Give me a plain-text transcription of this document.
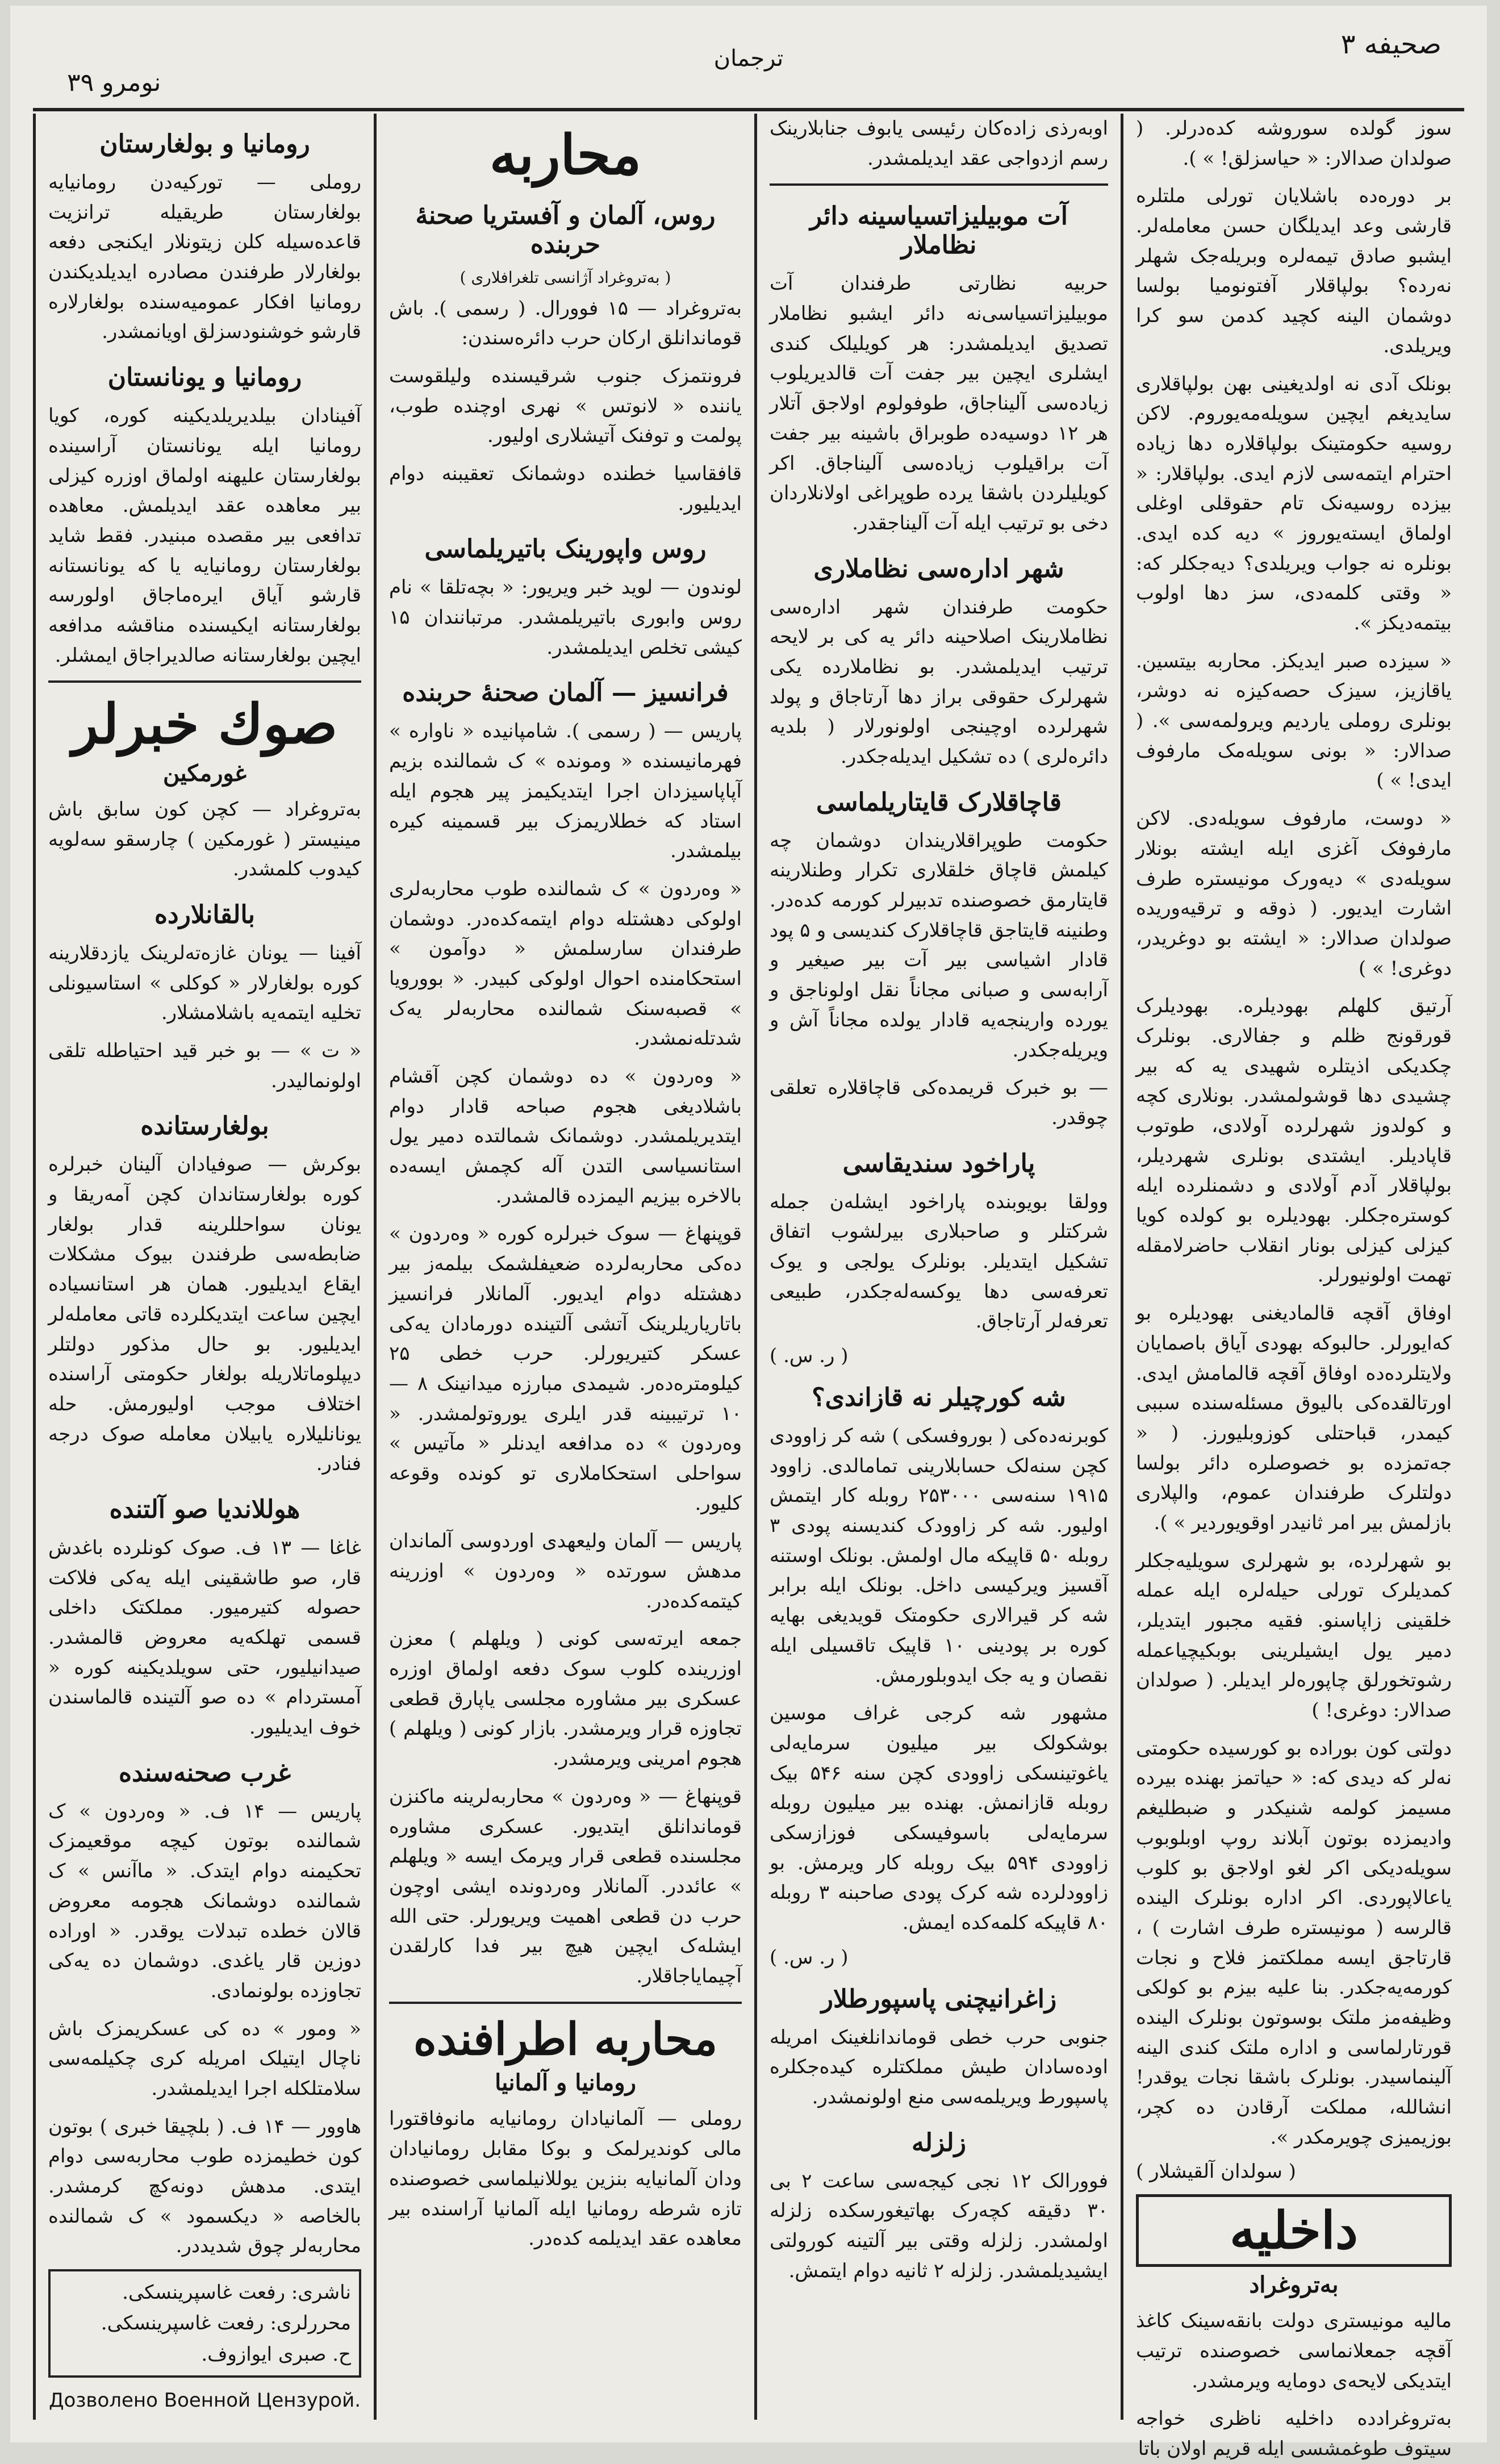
صحیفه ۳
ترجمان
نومرو ۳۹

سوز گولده سوروشه کده‌درلر. ( صولدان صدالار: « حیاسزلق! » ).

بر دوره‌ده باشلایان تورلی ملتلره قارشی وعد ایدیلگان حسن معامله‌لر. ایشبو صادق تیمه‌لره وبریله‌جک شهلر نه‌رده؟ بولپاقلار آفتونومیا بولسا دوشمان الینه کچید کدمن سو کرا ویریلدی.

بونلک آدی نه اولدیغینی بهن بولپاقلاری سایدیغم ایچین سویله‌مه‌یوروم. لاکن روسیه حکومتینک بولپاقلاره دها زیاده احترام ایتمه‌سی لازم ایدی. بولپاقلار: « بیزده روسیه‌نک تام حقوقلی اوغلی اولماق ایسته‌یوروز » دیه کده ایدی. بونلره نه جواب ویریلدی؟ دیه‌جکلر که: « وقتی کلمه‌دی، سز دها اولوب بیتمه‌دیکز ».

« سیزده صبر ایدیکز. محاربه بیتسین. یاقازیز، سیزک حصه‌کیزه نه دوشر، بونلری روملی یاردیم ویرولمه‌سی ». ( صدالار: « بونی سویله‌مک مارفوف ایدی! » )

« دوست، مارفوف سویله‌دی. لاکن مارفوفک آغزی ایله ایشته بونلار سویله‌دی » دیه‌ورک مونیستره طرف اشارت ایدیور. ( ذوقه و ترقیه‌وریده صولدان صدالار: « ایشته بو دوغریدر، دوغری! » )

آرتیق کلهلم بهودیلره. بهودیلرک قورقونج ظلم و جفالاری. بونلرک چکدیکی اذیتلره شهیدی یه که بیر چشیدی دها قوشولمشدر. بونلاری کچه و کولدوز شهرلرده آولادی، طوتوب قاپادیلر. ایشتدی بونلری شهردیلر، بولپاقلار آدم آولادی و دشمنلرده ایله کوستره‌جکلر. بهودیلره بو کولده کویا کیزلی کیزلی بونار انقلاب حاضرلامقله تهمت اولونیورلر.

اوفاق آقچه قالمادیغنی بهودیلره بو که‌ایورلر. حالبوکه بهودی آیاق باصمایان ولایتلرده‌ده اوفاق آقچه قالمامش ایدی. اورتالقده‌کی بالیوق مسئله‌سنده سببی کیمدر، قباحتلی کوزوبلیورز. ( « جه‌تمزده بو خصوصلره دائر بولسا دولتلرک طرفندان عموم، والپلاری بازلمش بیر امر ثانیدر اوقویوردیر » ).

بو شهرلرده، بو شهرلری سویلیه‌جکلر کمدیلرک تورلی حیله‌لره ایله عمله خلقینی زاپاسنو. فقیه مجبور ایتدیلر، دمیر یول ایشیلرینی بوبکیچیاعمله رشوتخورلق چاپوره‌لر ایدیلر. ( صولدان صدالار: دوغری! )

دولتی کون بوراده بو کورسیده حکومتی نه‌لر که دیدی که: « حیاتمز بهنده بیرده مسیمز کولمه شنیکدر و ضبطلیغم وادیمزده بوتون آبلاند روپ اوبلوبوب سویله‌دیکی اکر لغو اولاجق بو کلوب یاعالاپوردی. اکر اداره بونلرک الینده قالرسه ( مونیستره طرف اشارت ) ، قارتاجق ایسه مملکتمز فلاح و نجات کورمه‌یه‌جکدر. بنا علیه بیزم بو کولکی وظیفه‌مز ملتک بوسوتون بونلرک الینده قورتارلماسی و اداره ملتک کندی الینه آلینماسیدر. بونلرک باشقا نجات یوقدر! انشالله، مملکت آرقادن ده کچر، بوزیمیزی چویرمکدر ».

( سولدان آلقیشلار )
داخلیه
به‌تروغراد

مالیه مونیستری دولت بانقه‌سینک کاغذ آقچه جمعلانماسی خصوصنده ترتیب ایتدیکی لایحه‌ی دومایه ویرمشدر.

به‌تروغرادده داخلیه ناظری خواجه سیتوف طوغمشسی ایله قریم اولان باتا

اوبه‌رذی زاده‌کان رئیسی یابوف جنابلارینک رسم ازدواجی عقد ایدیلمشدر.

آت موبیلیزاتسیاسینه دائر نظاملار

حربیه نظارتی طرفندان آت موبیلیزاتسیاسی‌نه دائر ایشبو نظاملار تصدیق ایدیلمشدر: هر کویلیلک کندی ایشلری ایچین بیر جفت آت قالدیریلوب زیاده‌سی آلیناجاق، طوفولوم اولاجق آتلار هر ۱۲ دوسیه‌ده طوبراق باشینه بیر جفت آت براقیلوب زیاده‌سی آلیناجاق. اکر کویلیلردن باشقا یرده طوپراغی اولانلاردان دخی بو ترتیب ایله آت آلیناجقدر.

شهر اداره‌سی نظاملاری

حکومت طرفندان شهر اداره‌سی نظاملارینک اصلاحینه دائر یه کی بر لایحه ترتیب ایدیلمشدر. بو نظاملارده یکی شهرلرک حقوقی براز دها آرتاجاق و پولد شهرلرده اوچینجی اولونورلار ( بلدیه دائره‌لری ) ده تشکیل ایدیله‌جکدر.

قاچاقلارک قایتاریلماسی

حکومت طوپراقلاریندان دوشمان چه کیلمش قاچاق خلقلاری تکرار وطنلارینه قایتارمق خصوصنده تدبیرلر کورمه کده‌در. وطنینه قایتاجق قاچاقلارک کندیسی و ۵ پود قادار اشیاسی بیر آت بیر صیغیر و آرابه‌سی و صبانی مجاناً نقل اولوناجق و یورده وارینجه‌یه قادار یولده مجاناً آش و ویریله‌جکدر.

— بو خبرک قریمده‌کی قاچاقلاره تعلقی چوقدر.

پاراخود سندیقاسی

وولقا بویوبنده پاراخود ایشله‌ن جمله شرکتلر و صاحبلاری بیرلشوب اتفاق تشکیل ایتدیلر. بونلرک یولجی و یوک تعرفه‌سی دها یوکسه‌له‌جکدر، طبیعی تعرفه‌لر آرتاجاق.

( ر. س. )
شه کورچیلر نه قازاندی؟

کوبرنه‌ده‌کی ( بوروفسکی ) شه کر زاوودی کچن سنه‌لک حسابلارینی تمامالدی. زاوود ۱۹۱۵ سنه‌سی ۲۵۳۰۰۰ روبله کار ایتمش اولیور. شه کر زاوودک کندیسنه پودی ۳ روبله ۵۰ قاپیکه مال اولمش. بونلک اوستنه آقسیز ویرکیسی داخل. بونلک ایله برابر شه کر قیرالاری حکومتک قویدیغی بهایه کوره بر پودینی ۱۰ قاپیک تاقسیلی ایله نقصان و یه جک اید‌وبلو‌رمش.

مشهور شه کرجی غراف موسین بوشکولک بیر میلیون سرمایه‌لی یاغوتینسکی زاوودی کچن سنه ۵۴۶ بیک روبله قازانمش. بهنده بیر میلیون روبله سرمایه‌لی باسوفیسکی فوزازسکی زاوودی ۵۹۴ بیک روبله کار ویرمش. بو زاوودلرده شه کرک پودی صاحبنه ۳ روبله ۸۰ قاپیکه کلمه‌کده ایمش.

( ر. س. )
زاغرانیچنی پاسپورطلار

جنوبی حرب خطی قوماندانلغینک امریله اوده‌سادان طیش مملکتلره کیده‌جکلره پاسپورط ویریلمه‌سی منع اولونمشدر.

زلزله

فوورالک ۱۲ نجی کیجه‌سی ساعت ۲ بی ۳۰ دقیقه کچه‌رک بهاتیغورسکده زلزله اولمشدر. زلزله وقتی بیر آلتینه کورولتی ایشیدیلمشدر. زلزله ۲ ثانیه دوام ایتمش.

محاربه
روس، آلمان و آفستریا صحنهٔ حربنده
( به‌تروغراد آژانسی تلغرافلاری )

به‌تروغراد — ۱۵ فوورال. ( رسمی ). باش قوماندانلق ارکان حرب دائره‌سندن:

فرونتمزک جنوب شرقیسنده ولیلقوست یاننده « لانوتس » نهری اوچنده طوب، پولمت و توفنک آتیشلاری اولیور.

قافقاسیا خطنده دوشمانک تعقیبنه دوام ایدیلیور.

روس واپورینک باتیریلماسی

لوندون — لوید خبر ویریور: « بچه‌تلقا » نام روس وابوری باتیریلمشدر. مرتبانندان ۱۵ کیشی تخلص ایدیلمشدر.

فرانسیز — آلمان صحنهٔ حربنده

پاریس — ( رسمی ). شامپانیده « ناواره » فهرمانیسنده « ومونده » ک شمالنده بزیم آپاپاسیزدان اجرا ایتدیکیمز پیر هجوم ایله استاد که خطلاریمزک بیر قسمینه کیره بیلمشدر.

« وه‌ردون » ک شمالنده طوب محاربه‌لری اولوکی دهشتله دوام ایتمه‌کده‌در. دوشمان طرفندان سارسلمش « دوآمون » استحکامنده احوال اولوکی کبیدر. « بوورویا » قصبه‌سنک شمالنده محاربه‌لر یه‌ک شدتله‌نمشدر.

« وه‌ردون » ده دوشمان کچن آقشام باشلادیغی هجوم صباحه قادار دوام ایتدیریلمشدر. دوشمانک شمالتده دمیر یول استانسیاسی التدن آله کچمش ایسه‌ده بالاخره بیزیم الیمزده قالمشدر.

قوپنهاغ — سوک خبرلره کوره « وه‌ردون » ده‌کی محاربه‌لرده ضعیفلشمک بیلمه‌ز بیر دهشتله دوام ایدیور. آلمانلار فرانسیز باتاریاریلرینک آتشی آلتینده دورمادان یه‌کی عسکر کتیریورلر. حرب خطی ۲۵ کیلومتره‌ده‌ر. شیمدی مبارزه میدانینک ۸ — ۱۰ ترتیبینه قدر ایلری یوروتولمشدر. « وه‌ردون » ده مدافعه ایدنلر « مآتیس » سواحلی استحکاملاری تو کونده وقوعه کلیور.

پاریس — آلمان ولیعهدی اوردوسی آلماندان مدهش سورتده « وه‌ردون » اوزرینه کیتمه‌کده‌در.

جمعه ایرته‌سی کونی ( ویلهلم ) معزن اوزرینده کلوب سوک دفعه اولماق اوزره عسکری بیر مشاوره مجلسی یاپارق قطعی تجاوزه قرار ویرمشدر. بازار کونی ( ویلهلم ) هجوم امرینی ویرمشدر.

قوپنهاغ — « وه‌ردون » محاربه‌لرینه ماکنزن قوماندانلق ایتدیور. عسکری مشاوره مجلسنده قطعی قرار ویرمک ایسه « ویلهلم » عائددر. آلمانلار وه‌ردونده ایشی اوچون حرب دن قطعی اهمیت ویریورلر. حتی الله ایشله‌ک ایچین هیچ بیر فدا کارلقدن آچیمایاجاقلار.

محاربه اطرافنده
رومانیا و آلمانیا

روملی — آلمانیادان رومانیایه مانوفاقتورا مالی کوندیرلمک و بوکا مقابل رومانیادان ودان آلمانیایه بنزین یوللانیلماسی خصوصنده تازه شرطه رومانیا ایله آلمانیا آراسنده بیر معاهده عقد ایدیلمه کده‌در.

رومانیا و بولغارستان

روملی — تورکیه‌دن رومانیایه بولغارستان طریقیله ترانزیت قاعده‌سیله کلن زیتونلار ایکنجی دفعه بولغارلار طرفندن مصادره ایدیلدیکندن رومانیا افکار عمومیه‌سنده بولغارلاره قارشو خوشنودسزلق اویانمشدر.

رومانیا و یونانستان

آفینادان بیلدیریلدیکینه کوره، کویا رومانیا ایله یونانستان آراسینده بولغارستان علیهنه اولماق اوزره کیزلی بیر معاهده عقد ایدیلمش. معاهده تدافعی بیر مقصده مبنیدر. فقط شاید بولغارستان رومانیایه یا که یونانستانه قارشو آیاق ایره‌ماجاق اولورسه بولغارستانه ایکیسنده مناقشه مدافعه ایچین بولغارستانه صالدیراجاق ایمشلر.

صوك خبرلر
غورمکین

به‌تروغراد — کچن کون سابق باش مینیستر ( غورمکین ) چارسقو سه‌لویه کیدوب کلمشدر.

بالقانلارده

آفینا — یونان غازه‌ته‌لرینک یازدقلارینه کوره بولغارلار « کوکلی » استاسیونلی تخلیه ایتمه‌یه باشلامشلار.

« ت » — بو خبر قید احتیاطله تلقی اولونمالیدر.

بولغارستانده

بوکرش — صوفیادان آلینان خبرلره کوره بولغارستاندان کچن آمه‌ریقا و یونان سواحللرینه قدار بولغار ضابطه‌سی طرفندن بیوک مشکلات ایقاع ایدیلیور. همان هر استانسیاده ایچین ساعت ایتدیکلرده قاتی معامله‌لر ایدیلیور. بو حال مذکور دولتلر دیپلوماتلاریله بولغار حکومتی آراسنده اختلاف موجب اولیورمش. حله یونانلیلاره یابیلان معامله صوک درجه فنادر.

هوللاندیا صو آلتنده

غاغا — ۱۳ ف. صوک کونلرده باغدش قار، صو طاشقینی ایله یه‌کی فلاکت حصوله کتیرمیور. مملکتک داخلی قسمی تهلکه‌یه معروض قالمشدر. صیدانیلیور، حتی سویلدیکینه کوره « آمستردام » ده صو آلتینده قالماسندن خوف ایدیلیور.

غرب صحنه‌سنده

پاریس — ۱۴ ف. « وه‌ردون » ک شمالنده بوتون کیچه موقعیمزک تحکیمنه دوام ایتدک. « ماآنس » ک شمالنده دوشمانک هجومه معروض قالان خطده تبدلات یوقدر. « اوراده دوزین قار یاغدی. دوشمان ده یه‌کی تجاوزده بولونمادی.

« ومور » ده کی عسکریمزک باش ناچال ایتیلک امریله کری چکیلمه‌سی سلامتلکله اجرا ایدیلمشدر.

هاوور — ۱۴ ف. ( بلچیقا خبری ) بوتون کون خطیمزده طوب محاربه‌سی دوام ایتدی. مدهش دونه‌کچ کرمشدر. بالخاصه « دیکسمود » ک شمالنده محاربه‌لر چوق شدیددر.

ناشری: رفعت غاسپرینسکی.
محررلری: رفعت غاسپرینسکی.
ح. صبری ایوازوف.
Дозволено Военной Цензурой.
